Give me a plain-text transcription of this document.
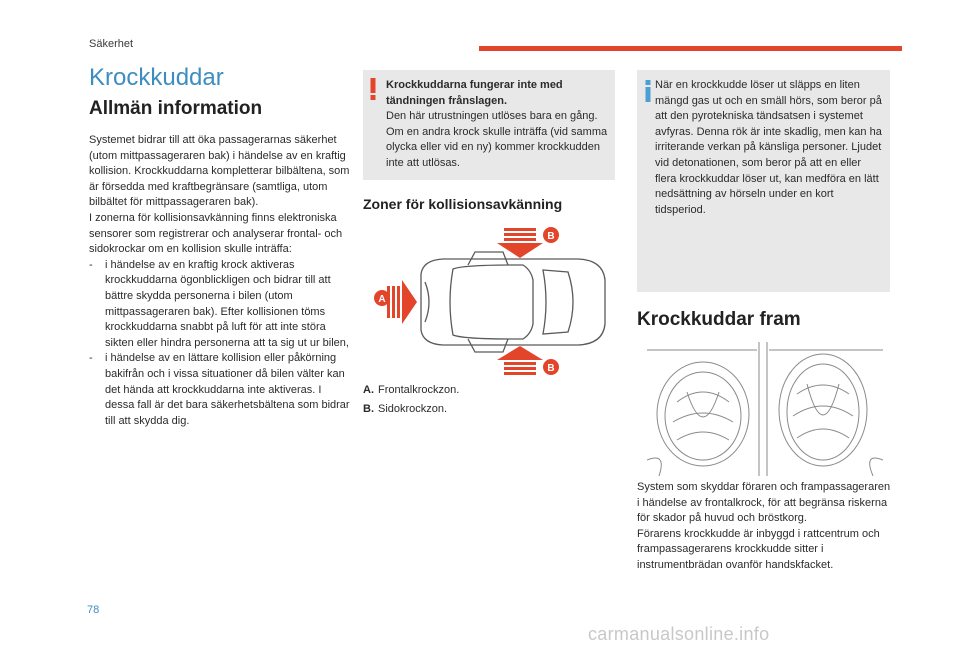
Säkerhet
Krockkuddar
Allmän information

Systemet bidrar till att öka passagerarnas säkerhet (utom mittpassageraren bak) i händelse av en kraftig kollision. Krockkuddarna kompletterar bilbältena, som är försedda med kraftbegränsare (samtliga, utom bilbältet för mittpassageraren bak).

I zonerna för kollisionsavkänning finns elektroniska sensorer som registrerar och analyserar frontal- och sidokrockar om en kollision skulle inträffa:

- i händelse av en kraftig krock aktiveras krockkuddarna ögonblickligen och bidrar till att bättre skydda personerna i bilen (utom mittpassageraren bak). Efter kollisionen töms krockkuddarna snabbt på luft för att inte störa sikten eller hindra personerna att ta sig ut ur bilen,
- i händelse av en lättare kollision eller påkörning bakifrån och i vissa situationer då bilen välter kan det hända att krockkuddarna inte aktiveras. I dessa fall är det bara säkerhetsbältena som bidrar till att skydda dig.
Krockkuddarna fungerar inte med tändningen frånslagen.
Den här utrustningen utlöses bara en gång. Om en andra krock skulle inträffa (vid samma olycka eller vid en ny) kommer krockkudden inte att utlösas.
Zoner för kollisionsavkänning
B
A
B
A. Frontalkrockzon.
B. Sidokrockzon.
När en krockkudde löser ut släpps en liten mängd gas ut och en smäll hörs, som beror på att den pyrotekniska tändsatsen i systemet avfyras. Denna rök är inte skadlig, men kan ha irriterande verkan på känsliga personer. Ljudet vid detonationen, som beror på att en eller flera krockkuddar löser ut, kan medföra en lätt nedsättning av hörseln under en kort tidsperiod.
Krockkuddar fram

System som skyddar föraren och frampassageraren i händelse av frontalkrock, för att begränsa riskerna för skador på huvud och bröstkorg.

Förarens krockkudde är inbyggd i rattcentrum och frampassagerarens krockkudde sitter i instrumentbrädan ovanför handskfacket.

78
carmanualsonline.info
